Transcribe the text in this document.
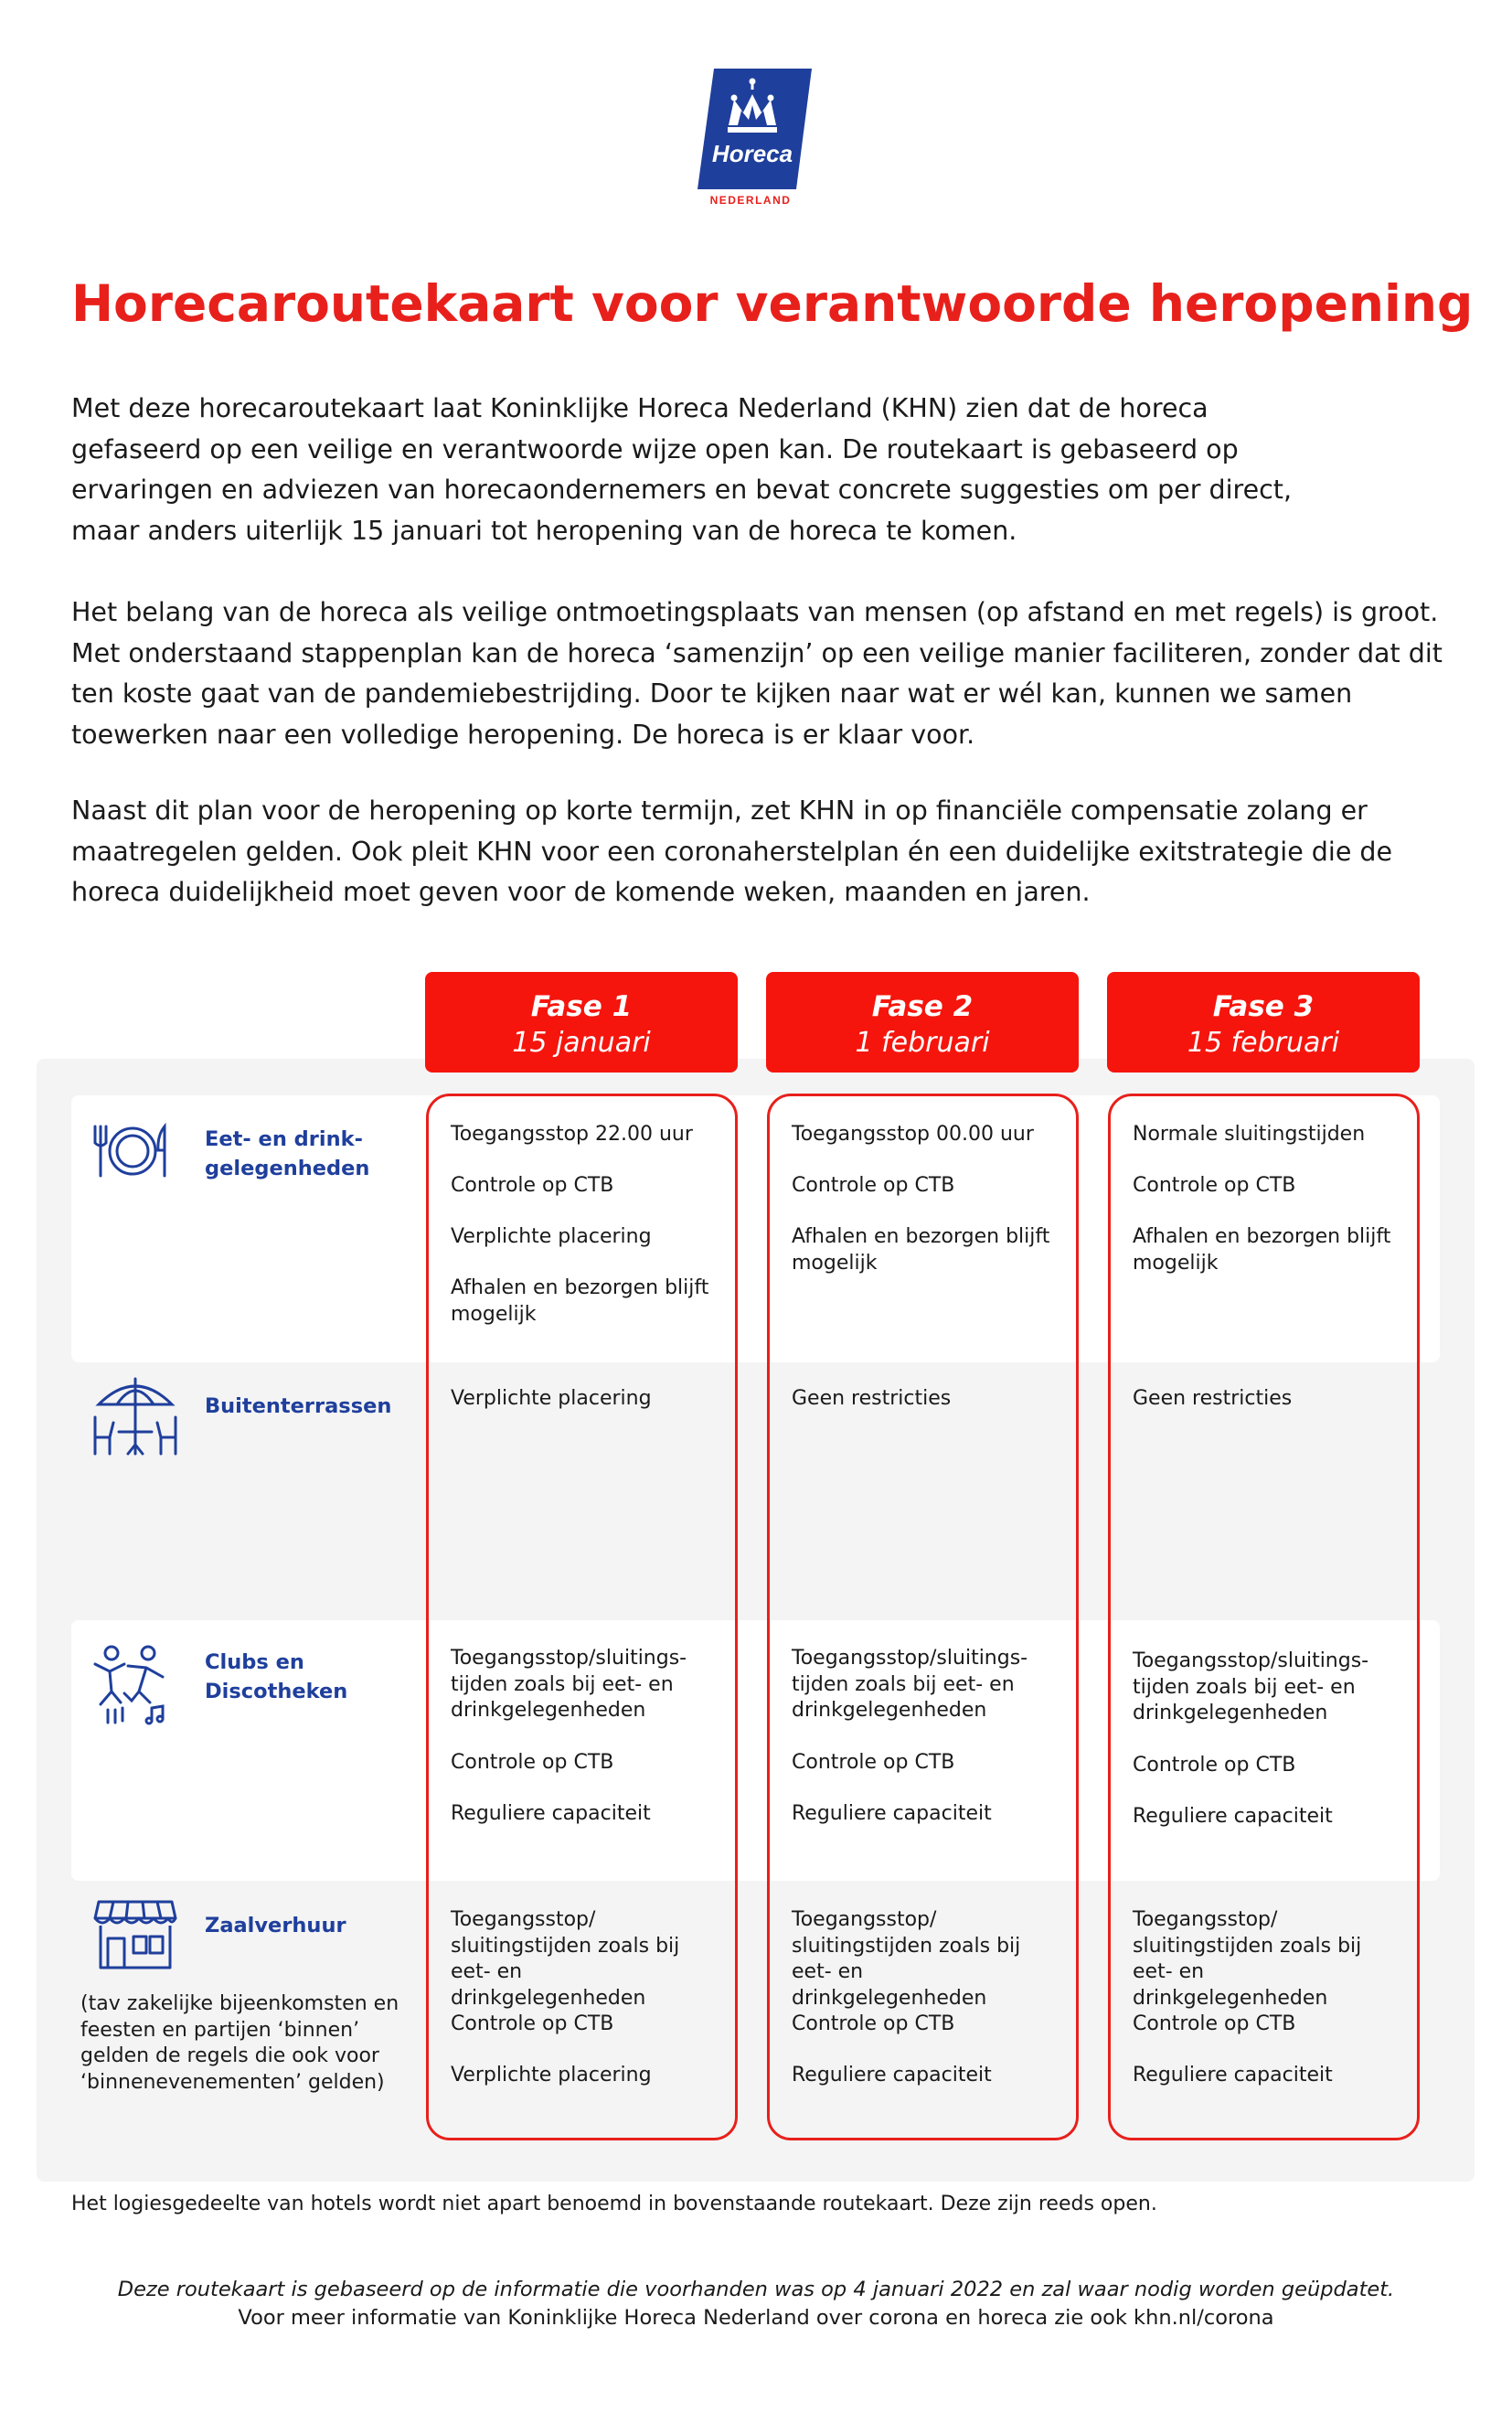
Horeca
NEDERLAND
Horecaroutekaart voor verantwoorde heropening

Met deze horecaroutekaart laat Koninklijke Horeca Nederland (KHN) zien dat de horeca gefaseerd op een veilige en verantwoorde wijze open kan. De routekaart is gebaseerd op ervaringen en adviezen van horecaondernemers en bevat concrete suggesties om per direct, maar anders uiterlijk 15 januari tot heropening van de horeca te komen.

Het belang van de horeca als veilige ontmoetingsplaats van mensen (op afstand en met regels) is groot. Met onderstaand stappenplan kan de horeca ‘samenzijn’ op een veilige manier faciliteren, zonder dat dit ten koste gaat van de pandemiebestrijding. Door te kijken naar wat er wél kan, kunnen we samen toewerken naar een volledige heropening. De horeca is er klaar voor.

Naast dit plan voor de heropening op korte termijn, zet KHN in op financiële compensatie zolang er maatregelen gelden. Ook pleit KHN voor een coronaherstelplan én een duidelijke exitstrategie die de horeca duidelijkheid moet geven voor de komende weken, maanden en jaren.

Fase 1
15 januari
Fase 2
1 februari
Fase 3
15 februari

Eet- en drink-
gelegenheden

Buitenterrassen

Clubs en
Discotheken

Zaalverhuur

(tav zakelijke bijeenkomsten en feesten en partijen ‘binnen’ gelden de regels die ook voor ‘binnenevenementen’ gelden)

Toegangsstop 22.00 uur

Controle op CTB

Verplichte placering

Afhalen en bezorgen blijft mogelijk

Toegangsstop 00.00 uur

Controle op CTB

Afhalen en bezorgen blijft mogelijk

Normale sluitingstijden

Controle op CTB

Afhalen en bezorgen blijft mogelijk

Verplichte placering	Geen restricties	Geen restricties

Toegangsstop/sluitings-tijden zoals bij eet- en drinkgelegenheden

Controle op CTB

Reguliere capaciteit

Toegangsstop/sluitings-tijden zoals bij eet- en drinkgelegenheden

Controle op CTB

Reguliere capaciteit

Toegangsstop/sluitings-tijden zoals bij eet- en drinkgelegenheden

Controle op CTB

Reguliere capaciteit

Toegangsstop/ sluitingstijden zoals bij eet- en drinkgelegenheden

Controle op CTB

Verplichte placering

Toegangsstop/ sluitingstijden zoals bij eet- en drinkgelegenheden

Controle op CTB

Reguliere capaciteit

Toegangsstop/ sluitingstijden zoals bij eet- en drinkgelegenheden

Controle op CTB

Reguliere capaciteit

Het logiesgedeelte van hotels wordt niet apart benoemd in bovenstaande routekaart. Deze zijn reeds open.

Deze routekaart is gebaseerd op de informatie die voorhanden was op 4 januari 2022 en zal waar nodig worden geüpdatet.

Voor meer informatie van Koninklijke Horeca Nederland over corona en horeca zie ook khn.nl/corona
